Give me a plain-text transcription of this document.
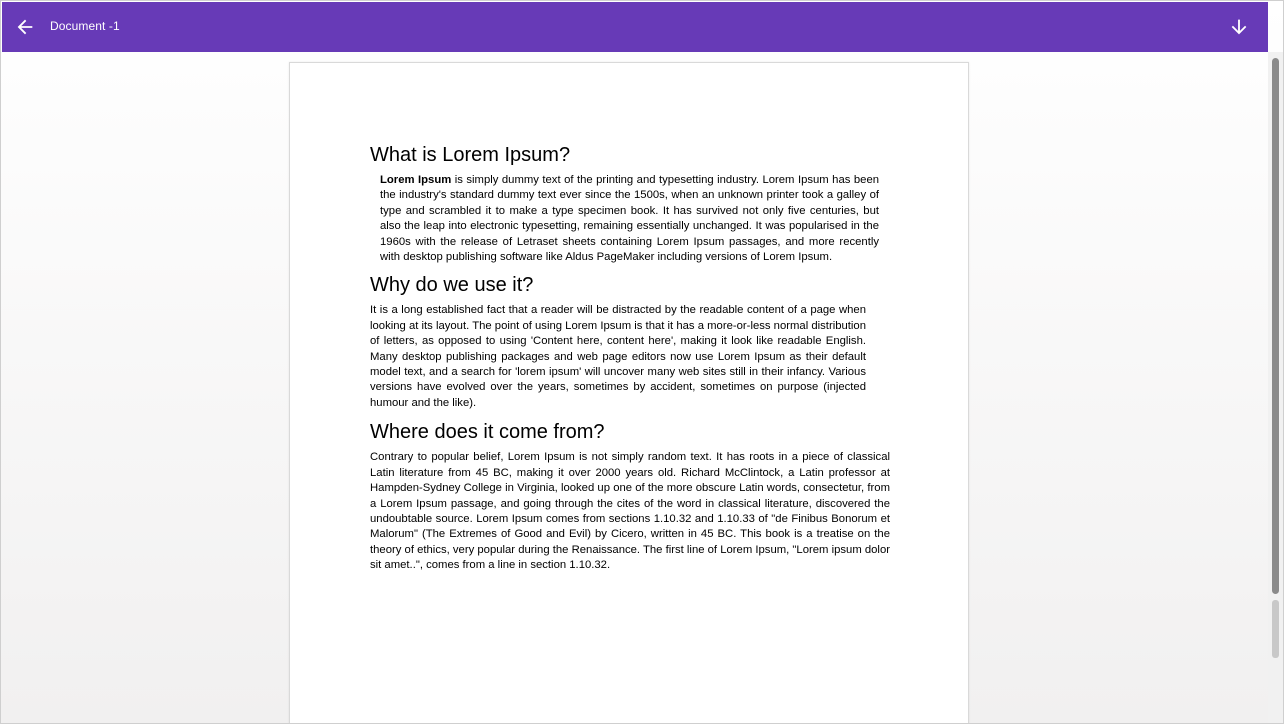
Document -1
What is Lorem Ipsum?

Lorem Ipsum is simply dummy text of the printing and typesetting industry. Lorem Ipsum has been the industry's standard dummy text ever since the 1500s, when an unknown printer took a galley of type and scrambled it to make a type specimen book. It has survived not only five centuries, but also the leap into electronic typesetting, remaining essentially unchanged. It was popularised in the 1960s with the release of Letraset sheets containing Lorem Ipsum passages, and more recently with desktop publishing software like Aldus PageMaker including versions of Lorem Ipsum.

Why do we use it?

It is a long established fact that a reader will be distracted by the readable content of a page when looking at its layout. The point of using Lorem Ipsum is that it has a more-or-less normal distribution of letters, as opposed to using 'Content here, content here', making it look like readable English. Many desktop publishing packages and web page editors now use Lorem Ipsum as their default model text, and a search for 'lorem ipsum' will uncover many web sites still in their infancy. Various versions have evolved over the years, sometimes by accident, sometimes on purpose (injected humour and the like).

Where does it come from?

Contrary to popular belief, Lorem Ipsum is not simply random text. It has roots in a piece of classical Latin literature from 45 BC, making it over 2000 years old. Richard McClintock, a Latin professor at Hampden-Sydney College in Virginia, looked up one of the more obscure Latin words, consectetur, from a Lorem Ipsum passage, and going through the cites of the word in classical literature, discovered the undoubtable source. Lorem Ipsum comes from sections 1.10.32 and 1.10.33 of "de Finibus Bonorum et Malorum" (The Extremes of Good and Evil) by Cicero, written in 45 BC. This book is a treatise on the theory of ethics, very popular during the Renaissance. The first line of Lorem Ipsum, "Lorem ipsum dolor sit amet..", comes from a line in section 1.10.32.
